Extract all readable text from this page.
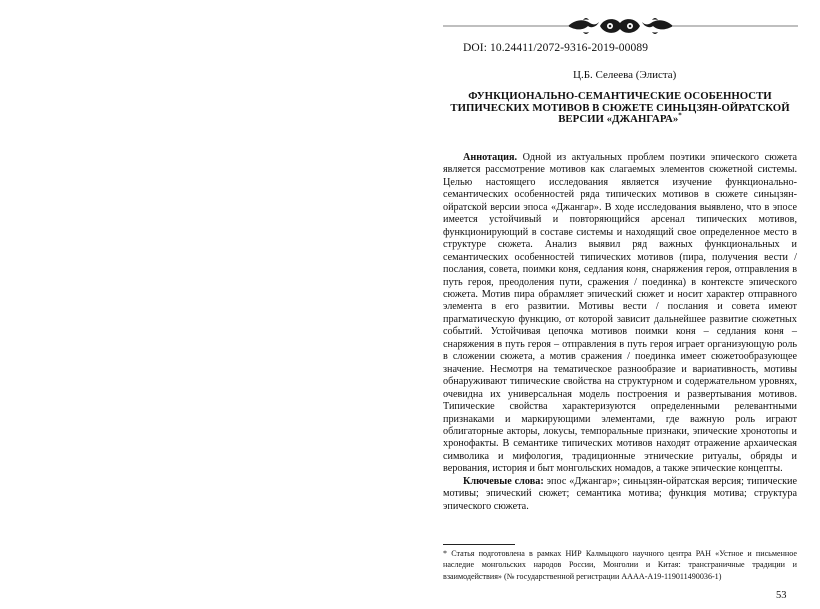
DOI: 10.24411/2072-9316-2019-00089
Ц.Б. Селеева (Элиста)
ФУНКЦИОНАЛЬНО-СЕМАНТИЧЕСКИЕ ОСОБЕННОСТИ ТИПИЧЕСКИХ МОТИВОВ В СЮЖЕТЕ СИНЬЦЗЯН-ОЙРАТСКОЙ ВЕРСИИ «ДЖАНГАРА»*

Аннотация. Одной из актуальных проблем поэтики эпического сюжета является рассмотрение мотивов как слагаемых элементов сюжетной системы. Целью настоящего исследования является изучение функционально-семантических особенностей ряда типических мотивов в сюжете синьцзян-ойратской версии эпоса «Джангар». В ходе исследования выявлено, что в эпосе имеется устойчивый и повторяющийся арсенал типических мотивов, функционирующий в составе системы и находящий свое определенное место в структуре сюжета. Анализ выявил ряд важных функциональных и семантических особенностей типических мотивов (пира, получения вести / послания, совета, поимки коня, седлания коня, снаряжения героя, отправления в путь героя, преодоления пути, сражения / поединка) в контексте эпического сюжета. Мотив пира обрамляет эпический сюжет и носит характер отправного элемента в его развитии. Мотивы вести / послания и совета имеют прагматическую функцию, от которой зависит дальнейшее развитие сюжетных событий. Устойчивая цепочка мотивов поимки коня – седлания коня – снаряжения в путь героя – отправления в путь героя играет организующую роль в сложении сюжета, а мотив сражения / поединка имеет сюжетообразующее значение. Несмотря на тематическое разнообразие и вариативность, мотивы обнаруживают типические свойства на структурном и содержательном уровнях, очевидна их универсальная модель построения и развертывания мотивов. Типические свойства характеризуются определенными релевантными признаками и маркирующими элементами, где важную роль играют облигаторные акторы, локусы, темпоральные признаки, эпические хронотопы и хронофакты. В семантике типических мотивов находят отражение архаическая символика и мифология, традиционные этнические ритуалы, обряды и верования, история и быт монгольских номадов, а также эпические концепты.

Ключевые слова: эпос «Джангар»; синьцзян-ойратская версия; типические мотивы; эпический сюжет; семантика мотива; функция мотива; структура эпического сюжета.

* Статья подготовлена в рамках НИР Калмыцкого научного центра РАН «Устное и письменное наследие монгольских народов России, Монголии и Китая: трансграничные традиции и взаимодействия» (№ государственной регистрации АААА-А19-119011490036-1)
53
